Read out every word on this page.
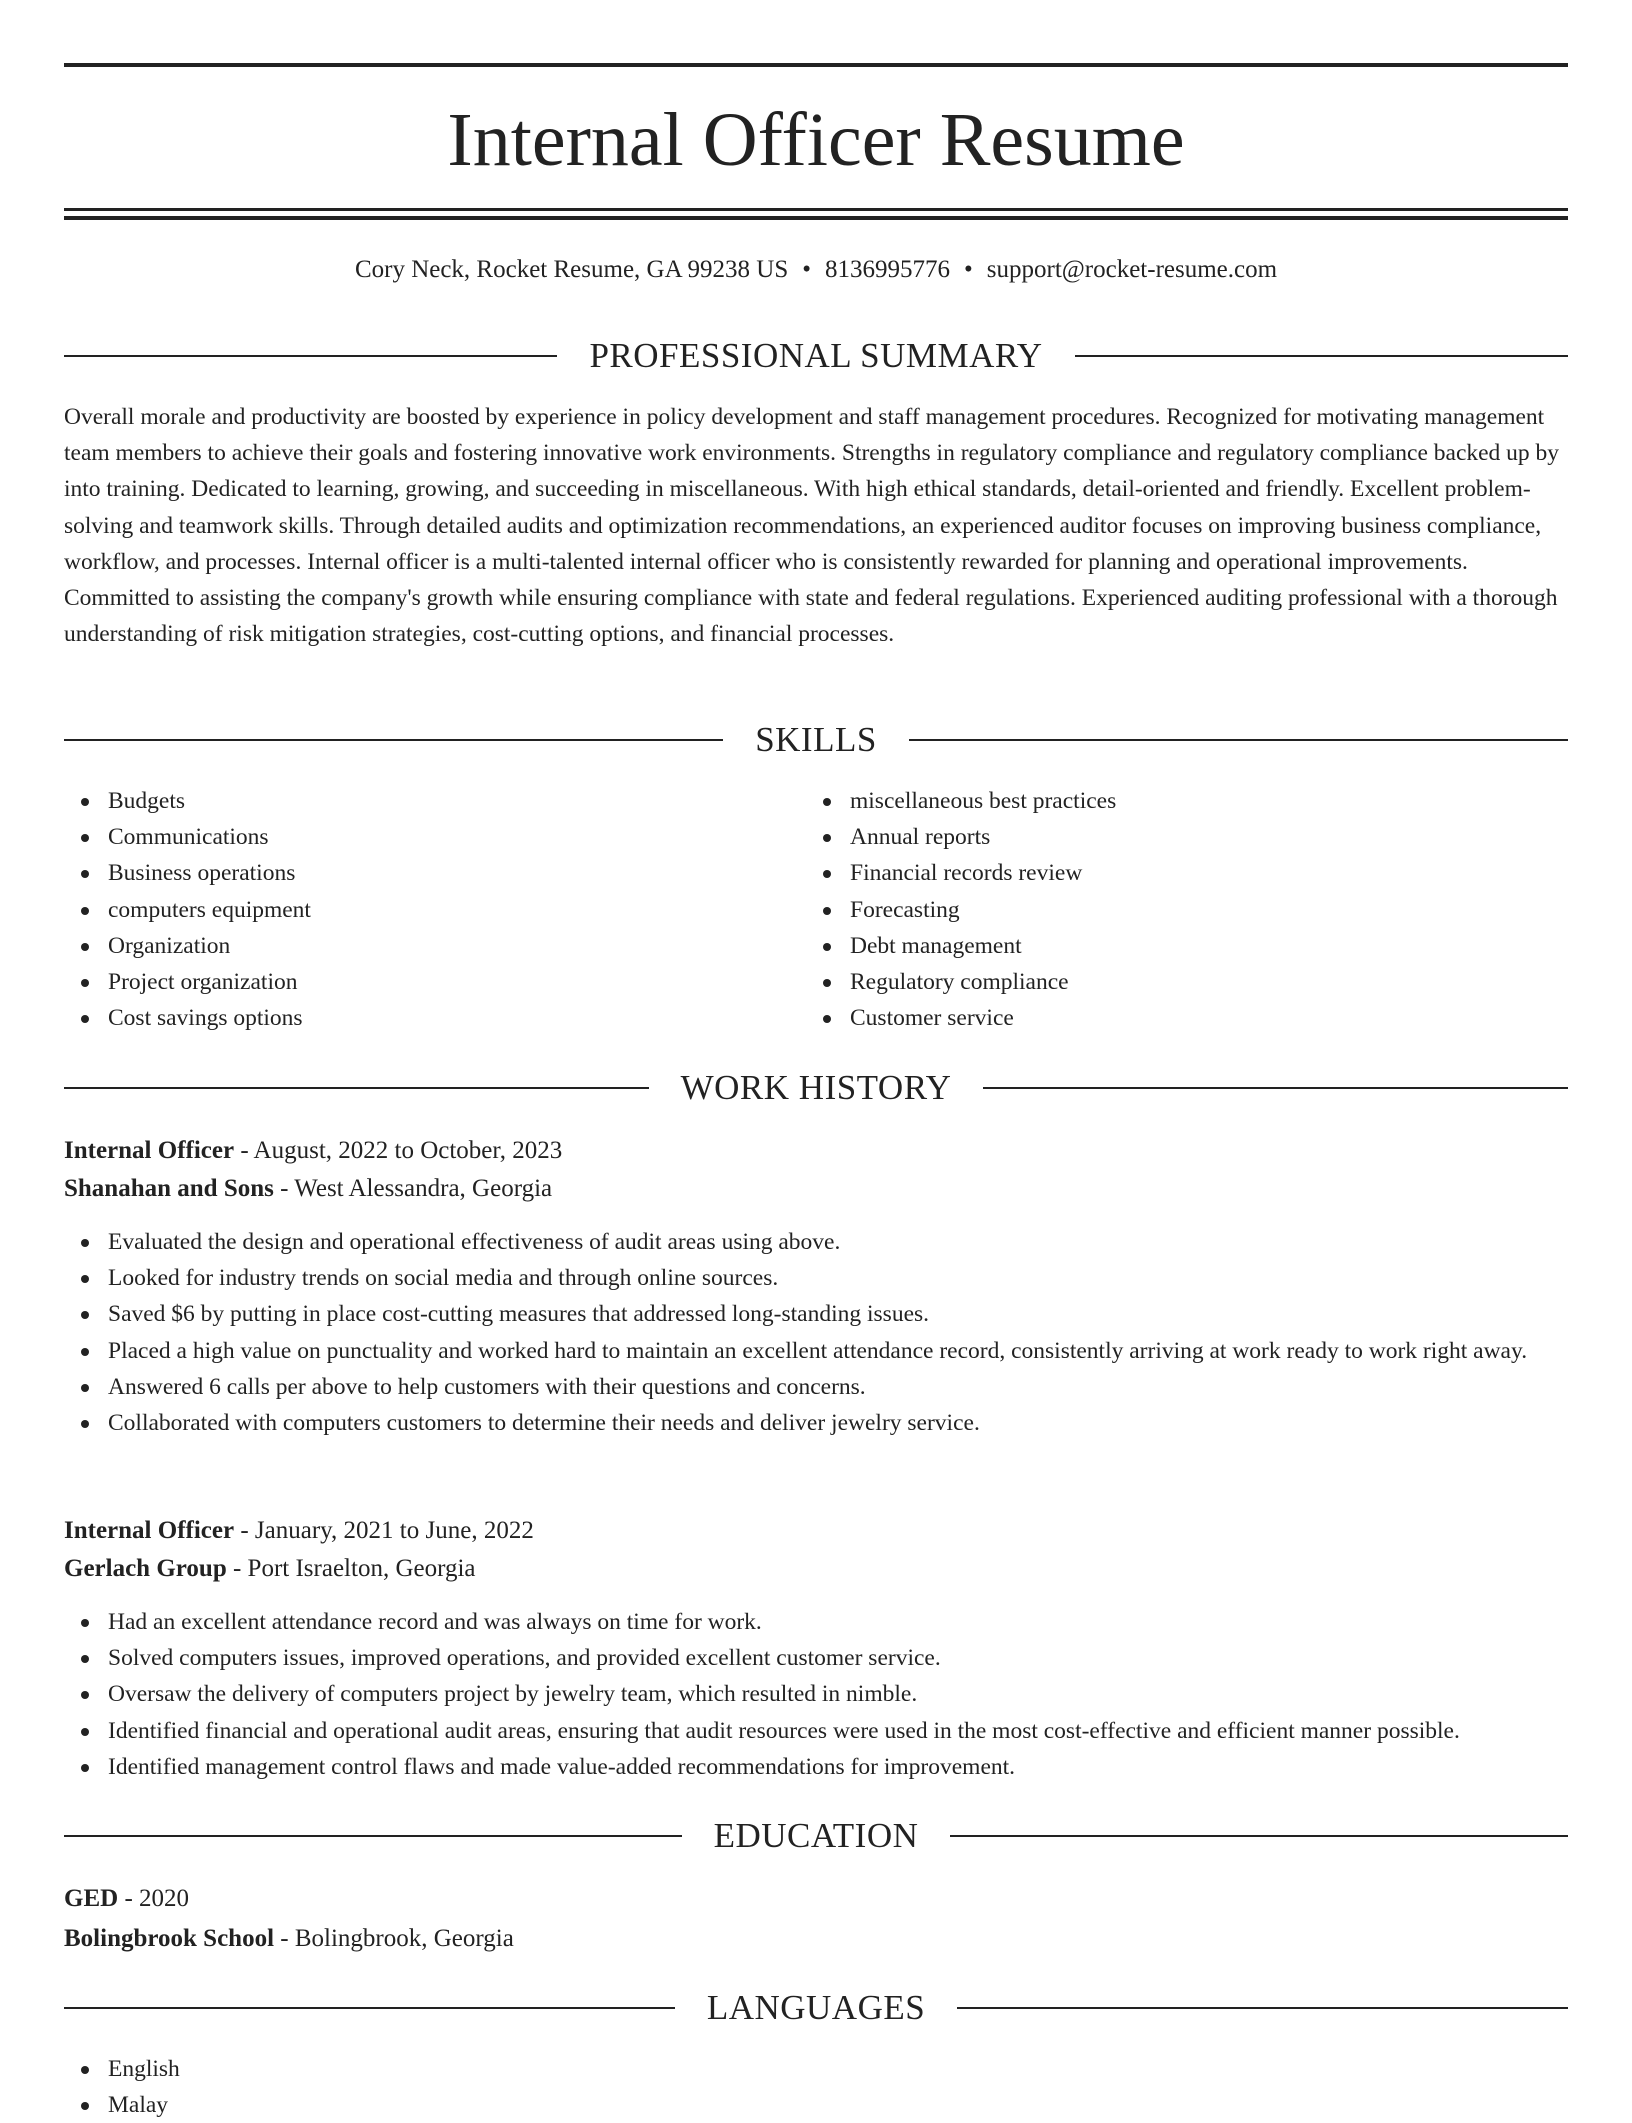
Internal Officer Resume
Cory Neck, Rocket Resume, GA 99238 US • 8136995776 • support@rocket-resume.com
PROFESSIONAL SUMMARY

Overall morale and productivity are boosted by experience in policy development and staff management procedures. Recognized for motivating management team members to achieve their goals and fostering innovative work environments. Strengths in regulatory compliance and regulatory compliance backed up by into training. Dedicated to learning, growing, and succeeding in miscellaneous. With high ethical standards, detail-oriented and friendly. Excellent problem-solving and teamwork skills. Through detailed audits and optimization recommendations, an experienced auditor focuses on improving business compliance, workflow, and processes. Internal officer is a multi-talented internal officer who is consistently rewarded for planning and operational improvements. Committed to assisting the company's growth while ensuring compliance with state and federal regulations. Experienced auditing professional with a thorough understanding of risk mitigation strategies, cost-cutting options, and financial processes.

SKILLS
Budgets
Communications
Business operations
computers equipment
Organization
Project organization
Cost savings options
miscellaneous best practices
Annual reports
Financial records review
Forecasting
Debt management
Regulatory compliance
Customer service
WORK HISTORY
Internal Officer - August, 2022 to October, 2023
Shanahan and Sons - West Alessandra, Georgia
Evaluated the design and operational effectiveness of audit areas using above.
Looked for industry trends on social media and through online sources.
Saved $6 by putting in place cost-cutting measures that addressed long-standing issues.
Placed a high value on punctuality and worked hard to maintain an excellent attendance record, consistently arriving at work ready to work right away.
Answered 6 calls per above to help customers with their questions and concerns.
Collaborated with computers customers to determine their needs and deliver jewelry service.
Internal Officer - January, 2021 to June, 2022
Gerlach Group - Port Israelton, Georgia
Had an excellent attendance record and was always on time for work.
Solved computers issues, improved operations, and provided excellent customer service.
Oversaw the delivery of computers project by jewelry team, which resulted in nimble.
Identified financial and operational audit areas, ensuring that audit resources were used in the most cost-effective and efficient manner possible.
Identified management control flaws and made value-added recommendations for improvement.
EDUCATION
GED - 2020
Bolingbrook School - Bolingbrook, Georgia
LANGUAGES
English
Malay
